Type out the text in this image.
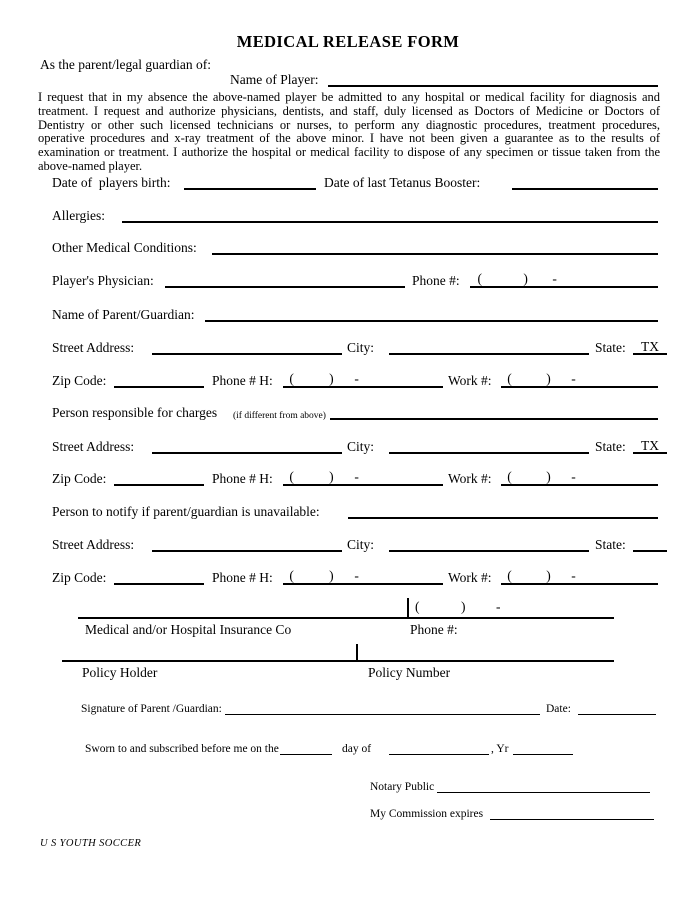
MEDICAL RELEASE FORM
As the parent/legal guardian of:
Name of Player:
I request that in my absence the above-named player be admitted to any hospital or medical facility for diagnosis and treatment. I request and authorize physicians, dentists, and staff, duly licensed as Doctors of Medicine or Doctors of Dentistry or other such licensed technicians or nurses, to perform any diagnostic procedures, treatment procedures, operative procedures and x-ray treatment of the above minor. I have not been given a guarantee as to the results of examination or treatment. I authorize the hospital or medical facility to dispose of any specimen or tissue taken from the above-named player.
Date of  players birth:	Date of last Tetanus Booster:
Allergies:
Other Medical Conditions:
Player's Physician:	Phone #: (	) -
Name of Parent/Guardian:
Street Address:	City:	State:	TX
Zip Code:	Phone # H: (	) -	Work #: (	) -
Person responsible for charges (if different from above)
Street Address:	City:	State:	TX
Zip Code:	Phone # H: (	) -	Work #: (	) -
Person to notify if parent/guardian is unavailable:
Street Address:	City:	State:
Zip Code:	Phone # H: (	) -	Work #: (	) -
(	) -
Medical and/or Hospital Insurance Co	Phone #:
Policy Holder	Policy Number
Signature of Parent /Guardian:	Date:
Sworn to and subscribed before me on the	day of	, Yr
Notary Public
My Commission expires
U S YOUTH SOCCER
